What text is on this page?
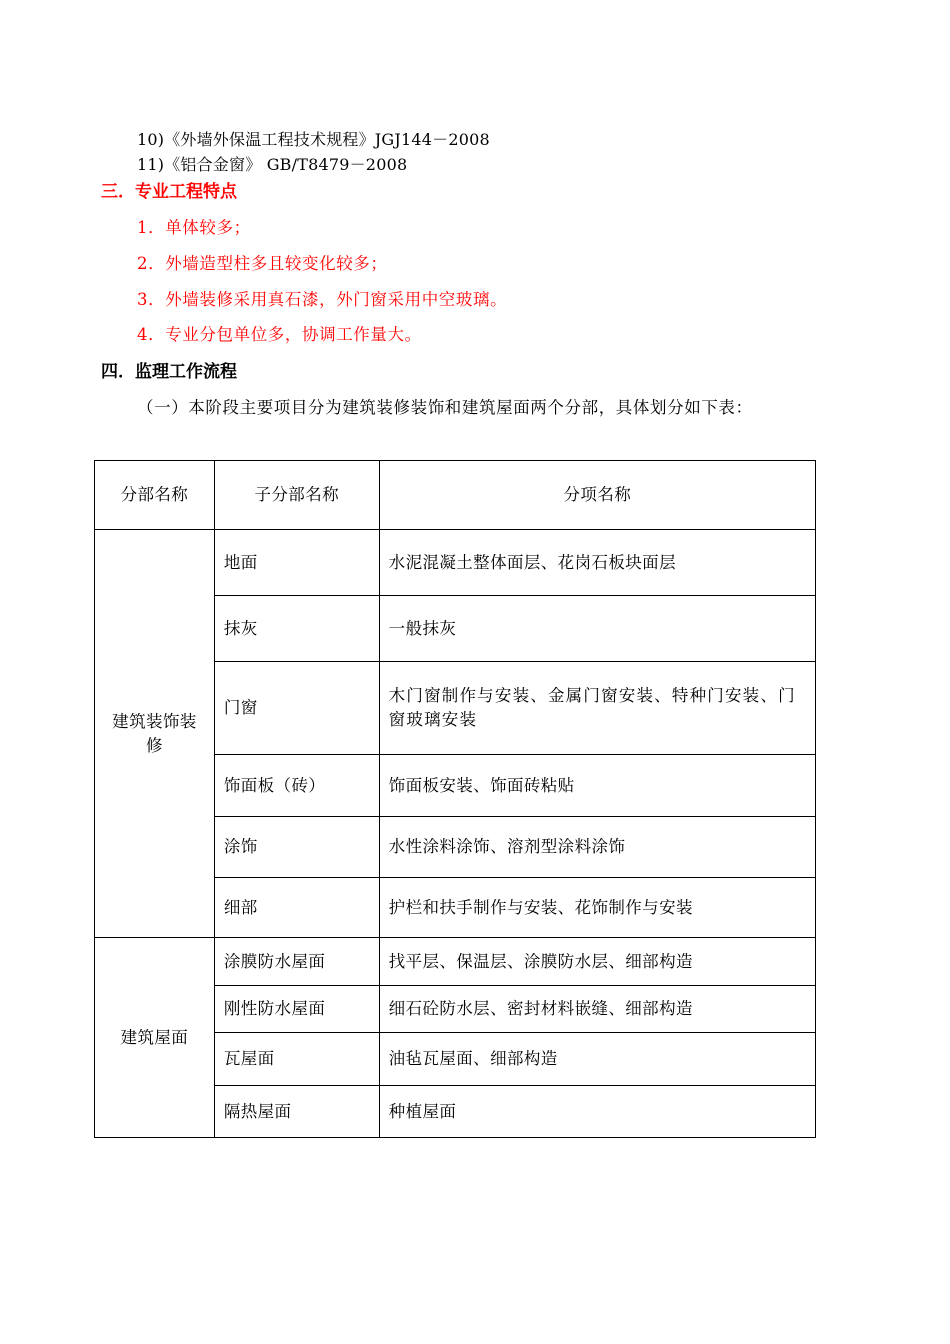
10)《外墙外保温工程技术规程》JGJ144－2008
11)《铝合金窗》 GB/T8479－2008
三．专业工程特点
1．单体较多；
2．外墙造型柱多且较变化较多；
3．外墙装修采用真石漆，外门窗采用中空玻璃。
4．专业分包单位多，协调工作量大。
四．监理工作流程
（一）本阶段主要项目分为建筑装修装饰和建筑屋面两个分部，具体划分如下表：
分部名称	子分部名称	分项名称
建筑装饰装修	地面	水泥混凝土整体面层、花岗石板块面层
	抹灰	一般抹灰
	门窗	木门窗制作与安装、金属门窗安装、特种门安装、门窗玻璃安装
	饰面板（砖）	饰面板安装、饰面砖粘贴
	涂饰	水性涂料涂饰、溶剂型涂料涂饰
	细部	护栏和扶手制作与安装、花饰制作与安装
建筑屋面	涂膜防水屋面	找平层、保温层、涂膜防水层、细部构造
	刚性防水屋面	细石砼防水层、密封材料嵌缝、细部构造
	瓦屋面	油毡瓦屋面、细部构造
	隔热屋面	种植屋面
